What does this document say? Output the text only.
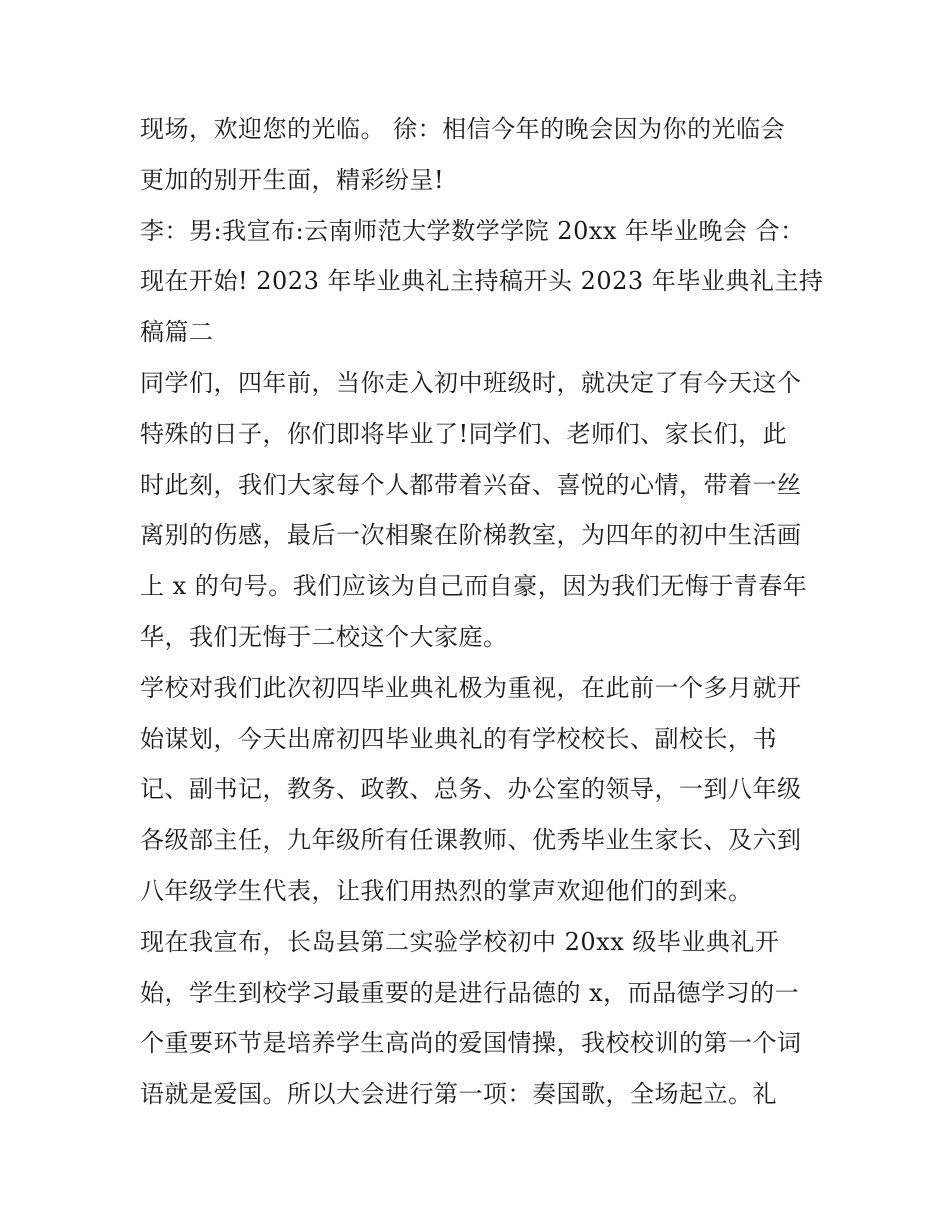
现场，欢迎您的光临。 徐：相信今年的晚会因为你的光临会
更加的别开生面，精彩纷呈!
李：男:我宣布:云南师范大学数学学院 20xx 年毕业晚会 合：
现在开始! 2023 年毕业典礼主持稿开头 2023 年毕业典礼主持
稿篇二
同学们，四年前，当你走入初中班级时，就决定了有今天这个
特殊的日子，你们即将毕业了!同学们、老师们、家长们，此
时此刻，我们大家每个人都带着兴奋、喜悦的心情，带着一丝
离别的伤感，最后一次相聚在阶梯教室，为四年的初中生活画
上 x 的句号。我们应该为自己而自豪，因为我们无悔于青春年
华，我们无悔于二校这个大家庭。
学校对我们此次初四毕业典礼极为重视，在此前一个多月就开
始谋划，今天出席初四毕业典礼的有学校校长、副校长，书
记、副书记，教务、政教、总务、办公室的领导，一到八年级
各级部主任，九年级所有任课教师、优秀毕业生家长、及六到
八年级学生代表，让我们用热烈的掌声欢迎他们的到来。
现在我宣布，长岛县第二实验学校初中 20xx 级毕业典礼开
始，学生到校学习最重要的是进行品德的 x，而品德学习的一
个重要环节是培养学生高尚的爱国情操，我校校训的第一个词
语就是爱国。所以大会进行第一项：奏国歌，全场起立。礼
